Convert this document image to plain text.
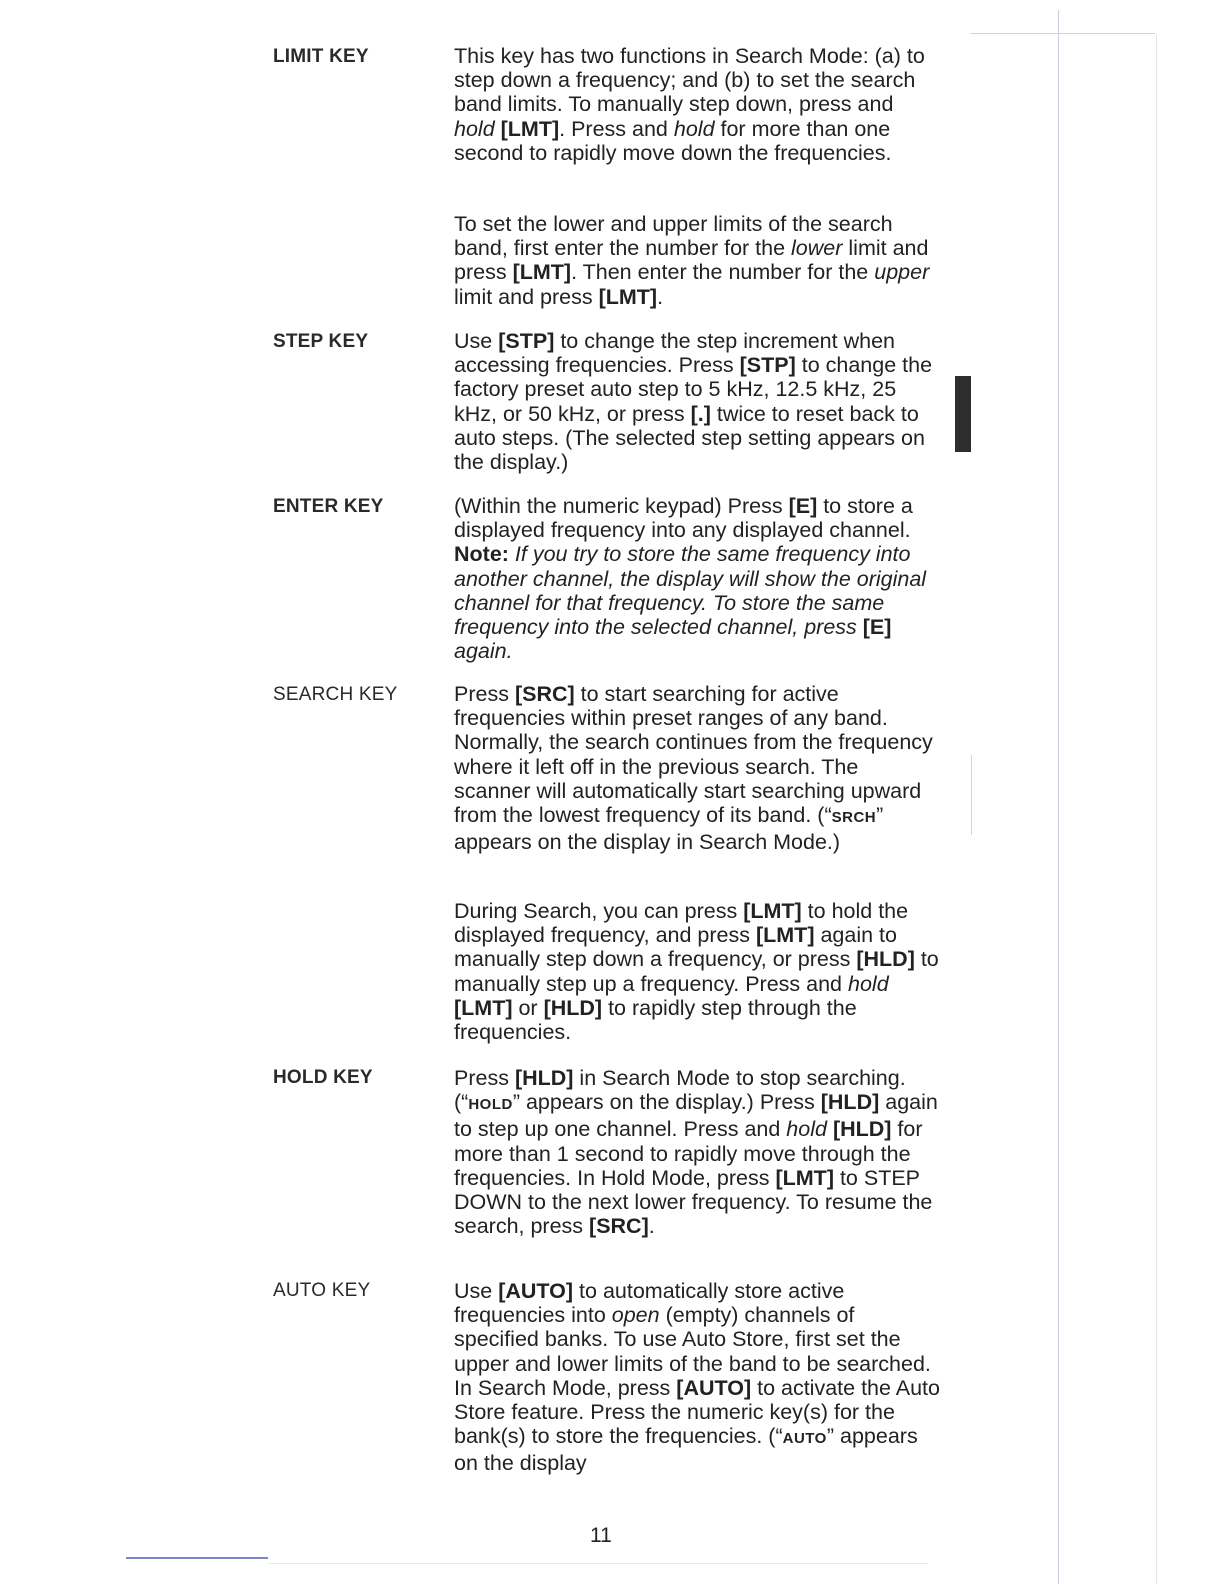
LIMIT KEY
STEP KEY
ENTER KEY
SEARCH KEY
HOLD KEY
AUTO KEY

This key has two functions in Search Mode: (a) to step down a frequency; and (b) to set the search band limits. To manually step down, press and hold [LMT]. Press and hold for more than one second to rapidly move down the frequencies.

To set the lower and upper limits of the search band, first enter the number for the lower limit and press [LMT]. Then enter the number for the upper limit and press [LMT].

Use [STP] to change the step increment when accessing frequencies. Press [STP] to change the factory preset auto step to 5 kHz, 12.5 kHz, 25 kHz, or 50 kHz, or press [.] twice to reset back to auto steps. (The selected step setting appears on the display.)

(Within the numeric keypad) Press [E] to store a displayed frequency into any displayed channel. Note: If you try to store the same frequency into another channel, the display will show the original channel for that frequency. To store the same frequency into the selected channel, press [E] again.

Press [SRC] to start searching for active frequencies within preset ranges of any band. Normally, the search continues from the frequency where it left off in the previous search. The scanner will automatically start searching upward from the lowest frequency of its band. (“SRCH” appears on the display in Search Mode.)

During Search, you can press [LMT] to hold the displayed frequency, and press [LMT] again to manually step down a frequency, or press [HLD] to manually step up a frequency. Press and hold [LMT] or [HLD] to rapidly step through the frequencies.

Press [HLD] in Search Mode to stop searching. (“HOLD” appears on the display.) Press [HLD] again to step up one channel. Press and hold [HLD] for more than 1 second to rapidly move through the frequencies. In Hold Mode, press [LMT] to STEP DOWN to the next lower frequency. To resume the search, press [SRC].

Use [AUTO] to automatically store active frequencies into open (empty) channels of specified banks. To use Auto Store, first set the upper and lower limits of the band to be searched. In Search Mode, press [AUTO] to activate the Auto Store feature. Press the numeric key(s) for the bank(s) to store the frequencies. (“AUTO” appears on the display

11
